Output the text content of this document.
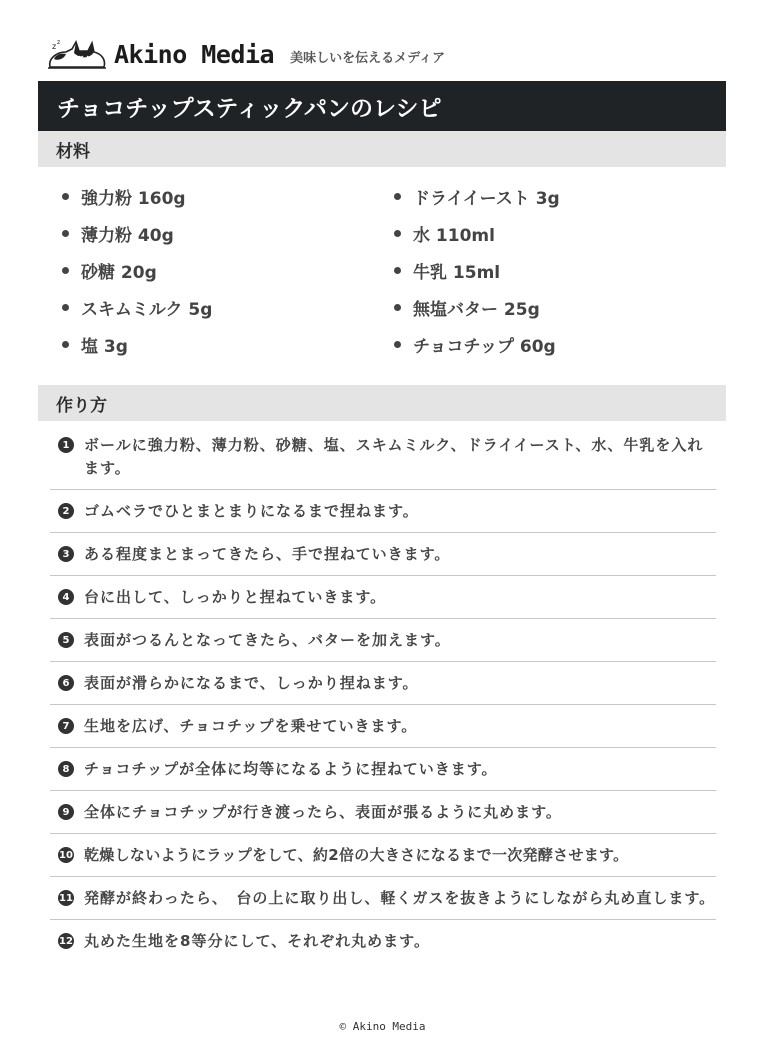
z z Akino Media 美味しいを伝えるメディア
チョコチップスティックパンのレシピ
材料
強力粉 160g
薄力粉 40g
砂糖 20g
スキムミルク 5g
塩 3g
ドライイースト 3g
水 110ml
牛乳 15ml
無塩バター 25g
チョコチップ 60g
作り方
1 ボールに強力粉、薄力粉、砂糖、塩、スキムミルク、ドライイースト、水、牛乳を入れます。
2 ゴムベラでひとまとまりになるまで捏ねます。
3 ある程度まとまってきたら、手で捏ねていきます。
4 台に出して、しっかりと捏ねていきます。
5 表面がつるんとなってきたら、バターを加えます。
6 表面が滑らかになるまで、しっかり捏ねます。
7 生地を広げ、チョコチップを乗せていきます。
8 チョコチップが全体に均等になるように捏ねていきます。
9 全体にチョコチップが行き渡ったら、表面が張るように丸めます。
10 乾燥しないようにラップをして、約2倍の大きさになるまで一次発酵させます。
11 発酵が終わったら、　台の上に取り出し、軽くガスを抜きようにしながら丸め直します。
12 丸めた生地を8等分にして、それぞれ丸めます。
© Akino Media
